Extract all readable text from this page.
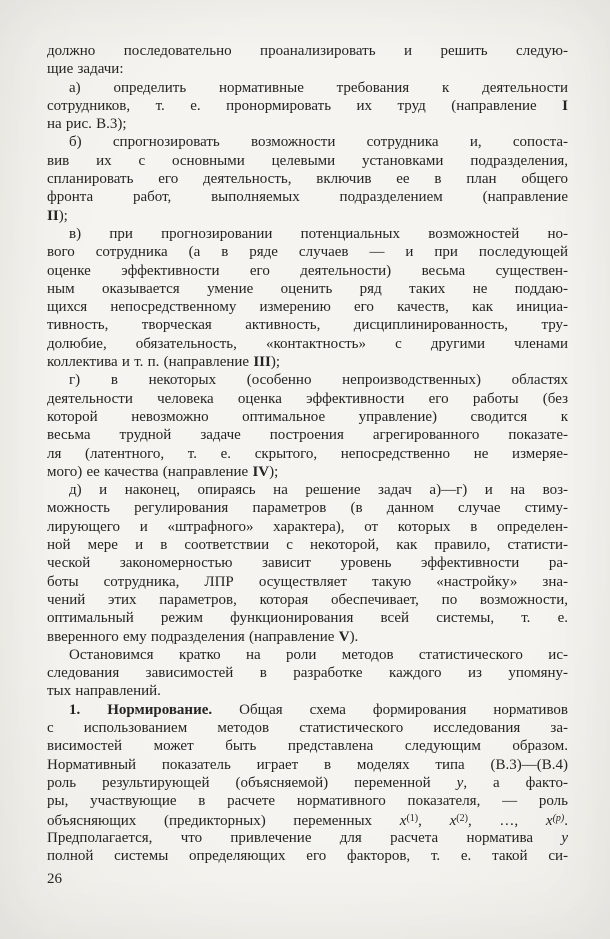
должно последовательно проанализировать и решить следую-
щие задачи:
а) определить нормативные требования к деятельности
сотрудников, т. е. пронормировать их труд (направление I
на рис. В.3);
б) спрогнозировать возможности сотрудника и, сопоста-
вив их с основными целевыми установками подразделения,
спланировать его деятельность, включив ее в план общего
фронта работ, выполняемых подразделением (направление
II);
в) при прогнозировании потенциальных возможностей но-
вого сотрудника (а в ряде случаев — и при последующей
оценке эффективности его деятельности) весьма существен-
ным оказывается умение оценить ряд таких не поддаю-
щихся непосредственному измерению его качеств, как инициа-
тивность, творческая активность, дисциплинированность, тру-
долюбие, обязательность, «контактность» с другими членами
коллектива и т. п. (направление III);
г) в некоторых (особенно непроизводственных) областях
деятельности человека оценка эффективности его работы (без
которой невозможно оптимальное управление) сводится к
весьма трудной задаче построения агрегированного показате-
ля (латентного, т. е. скрытого, непосредственно не измеряе-
мого) ее качества (направление IV);
д) и наконец, опираясь на решение задач а)—г) и на воз-
можность регулирования параметров (в данном случае стиму-
лирующего и «штрафного» характера), от которых в определен-
ной мере и в соответствии с некоторой, как правило, статисти-
ческой закономерностью зависит уровень эффективности ра-
боты сотрудника, ЛПР осуществляет такую «настройку» зна-
чений этих параметров, которая обеспечивает, по возможности,
оптимальный режим функционирования всей системы, т. е.
вверенного ему подразделения (направление V).
Остановимся кратко на роли методов статистического ис-
следования зависимостей в разработке каждого из упомяну-
тых направлений.
1. Нормирование. Общая схема формирования нормативов
с использованием методов статистического исследования за-
висимостей может быть представлена следующим образом.
Нормативный показатель играет в моделях типа (В.3)—(В.4)
роль результирующей (объясняемой) переменной y, а факто-
ры, участвующие в расчете нормативного показателя, — роль
объясняющих (предикторных) переменных $x^{(1)}$, $x^{(2)}$, …, $x^{(p)}$.
Предполагается, что привлечение для расчета норматива y
полной системы определяющих его факторов, т. е. такой си-
26
